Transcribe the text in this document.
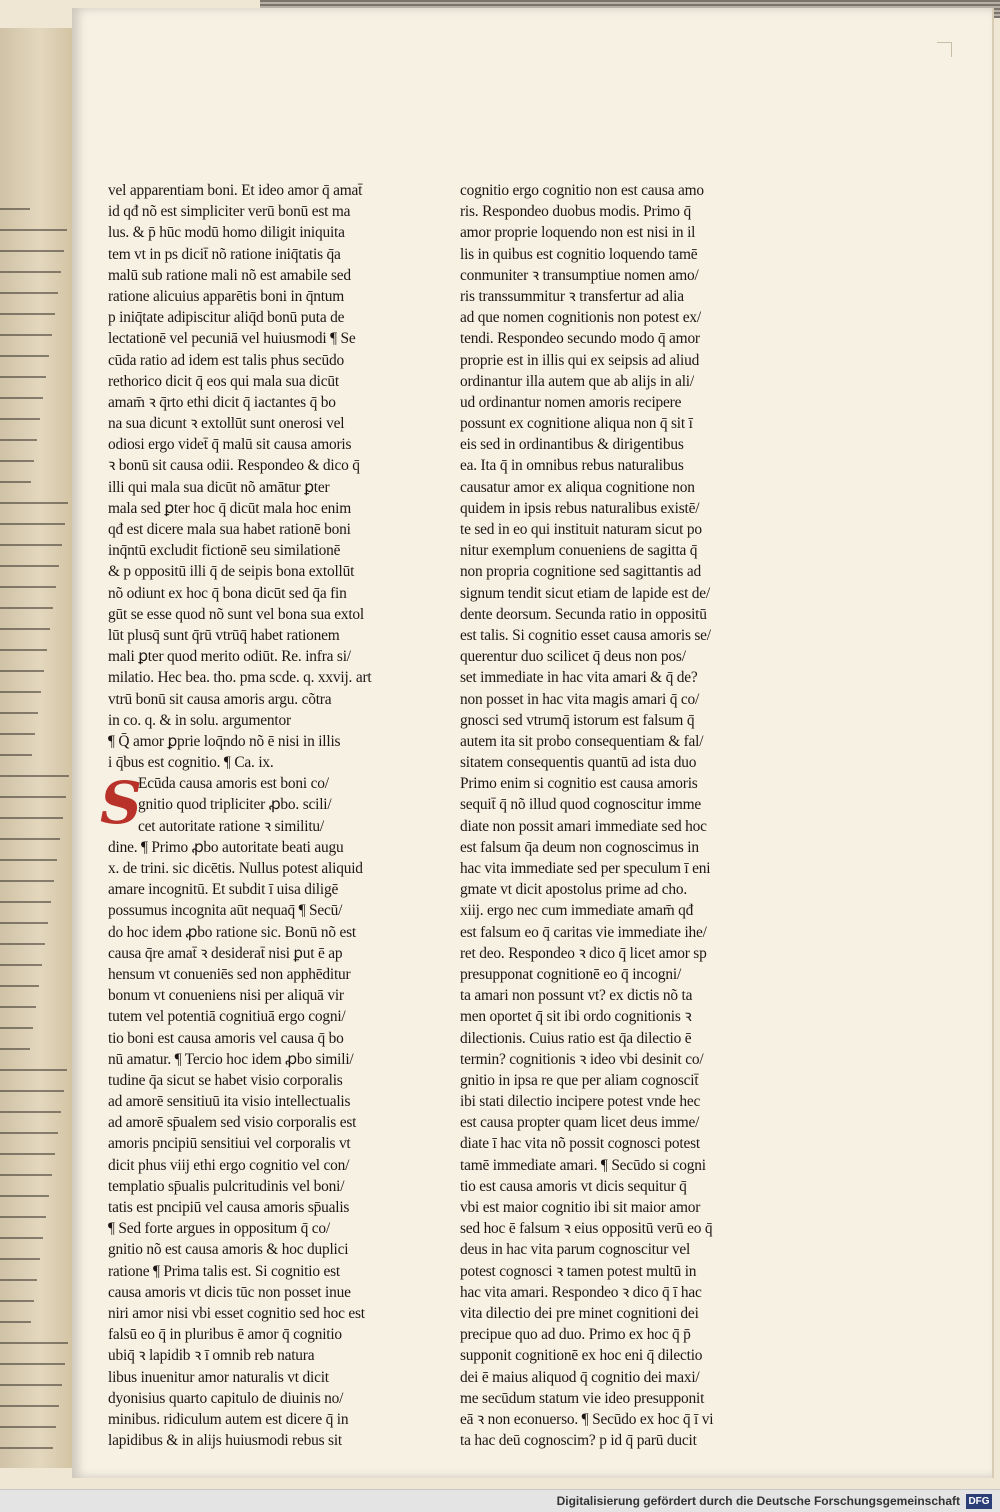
vel apparentiam boni. Et ideo amor q̄ amat̄
id qđ nõ est simpliciter verū bonū est ma
lus. & p̄ hūc modū homo diligit iniquita
tem vt in ps dicit̄ nõ ratione iniq̄tatis q̄a
malū sub ratione mali nõ est amabile sed
ratione alicuius apparētis boni in q̄ntum
p iniq̄tate adipiscitur aliq̄d bonū puta de
lectationē vel pecuniā vel huiusmodi ¶ Se
cūda ratio ad idem est talis phus secūdo
rethorico dicit q̄ eos qui mala sua dicūt
amam̄ ꝛ q̄rto ethi dicit q̄ iactantes q̄ bo
na sua dicunt ꝛ extollūt sunt onerosi vel
odiosi ergo videt̄ q̄ malū sit causa amoris
ꝛ bonū sit causa odii. Respondeo & dico q̄
illi qui mala sua dicūt nõ amātur ꝑter
mala sed ꝑter hoc q̄ dicūt mala hoc enim
qđ est dicere mala sua habet rationē boni
inq̄ntū excludit fictionē seu similationē
& p oppositū illi q̄ de seipis bona extollūt
nõ odiunt ex hoc q̄ bona dicūt sed q̄a fin
gūt se esse quod nõ sunt vel bona sua extol
lūt plusq̄ sunt q̄rū vtrūq̄ habet rationem
mali ꝑter quod merito odiūt. Re. infra si/
milatio. Hec bea. tho. pma scde. q. xxvij. art
vtrū bonū sit causa amoris argu. cõtra
in co. q. & in solu. argumentor
¶ Q̄ amor ꝑprie loq̄ndo nõ ē nisi in illis
i q̄bus est cognitio. ¶ Ca. ix.
S
Ecūda causa amoris est boni co/
gnitio quod tripliciter ꝓbo. scili/
cet autoritate ratione ꝛ similitu/
dine. ¶ Primo ꝓbo autoritate beati augu
x. de trini. sic dicētis. Nullus potest aliquid
amare incognitū. Et subdit ī uisa diligē
possumus incognita aūt nequaq̄ ¶ Secū/
do hoc idem ꝓbo ratione sic. Bonū nõ est
causa q̄re amat̄ ꝛ desiderat̄ nisi ꝑut ē ap
hensum vt conueniēs sed non apphēditur
bonum vt conueniens nisi per aliquā vir
tutem vel potentiā cognitiuā ergo cogni/
tio boni est causa amoris vel causa q̄ bo
nū amatur. ¶ Tercio hoc idem ꝓbo simili/
tudine q̄a sicut se habet visio corporalis
ad amorē sensitiuū ita visio intellectualis
ad amorē sp̄ualem sed visio corporalis est
amoris pncipiū sensitiui vel corporalis vt
dicit phus viij ethi ergo cognitio vel con/
templatio sp̄ualis pulcritudinis vel boni/
tatis est pncipiū vel causa amoris sp̄ualis
¶ Sed forte argues in oppositum q̄ co/
gnitio nõ est causa amoris & hoc duplici
ratione ¶ Prima talis est. Si cognitio est
causa amoris vt dicis tūc non posset inue
niri amor nisi vbi esset cognitio sed hoc est
falsū eo q̄ in pluribus ē amor q̄ cognitio
ubiq̄ ꝛ lapidib ꝛ ī omnib reb natura
libus inuenitur amor naturalis vt dicit
dyonisius quarto capitulo de diuinis no/
minibus. ridiculum autem est dicere q̄ in
lapidibus & in alijs huiusmodi rebus sit
cognitio ergo cognitio non est causa amo
ris. Respondeo duobus modis. Primo q̄
amor proprie loquendo non est nisi in il
lis in quibus est cognitio loquendo tamē
conmuniter ꝛ transumptiue nomen amo/
ris transsummitur ꝛ transfertur ad alia
ad que nomen cognitionis non potest ex/
tendi. Respondeo secundo modo q̄ amor
proprie est in illis qui ex seipsis ad aliud
ordinantur illa autem que ab alijs in ali/
ud ordinantur nomen amoris recipere
possunt ex cognitione aliqua non q̄ sit ī
eis sed in ordinantibus & dirigentibus
ea. Ita q̄ in omnibus rebus naturalibus
causatur amor ex aliqua cognitione non
quidem in ipsis rebus naturalibus existē/
te sed in eo qui instituit naturam sicut po
nitur exemplum conueniens de sagitta q̄
non propria cognitione sed sagittantis ad
signum tendit sicut etiam de lapide est de/
dente deorsum. Secunda ratio in oppositū
est talis. Si cognitio esset causa amoris se/
querentur duo scilicet q̄ deus non pos/
set immediate in hac vita amari & q̄ de?
non posset in hac vita magis amari q̄ co/
gnosci sed vtrumq̄ istorum est falsum q̄
autem ita sit probo consequentiam & fal/
sitatem consequentis quantū ad ista duo
Primo enim si cognitio est causa amoris
sequit̄ q̄ nõ illud quod cognoscitur imme
diate non possit amari immediate sed hoc
est falsum q̄a deum non cognoscimus in
hac vita immediate sed per speculum ī eni
gmate vt dicit apostolus prime ad cho.
xiij. ergo nec cum immediate amam̄ qđ
est falsum eo q̄ caritas vie immediate ihe/
ret deo. Respondeo ꝛ dico q̄ licet amor sp
presupponat cognitionē eo q̄ incogni/
ta amari non possunt vt? ex dictis nõ ta
men oportet q̄ sit ibi ordo cognitionis ꝛ
dilectionis. Cuius ratio est q̄a dilectio ē
termin? cognitionis ꝛ ideo vbi desinit co/
gnitio in ipsa re que per aliam cognoscit̄
ibi stati dilectio incipere potest vnde hec
est causa propter quam licet deus imme/
diate ī hac vita nõ possit cognosci potest
tamē immediate amari. ¶ Secūdo si cogni
tio est causa amoris vt dicis sequitur q̄
vbi est maior cognitio ibi sit maior amor
sed hoc ē falsum ꝛ eius oppositū verū eo q̄
deus in hac vita parum cognoscitur vel
potest cognosci ꝛ tamen potest multū in
hac vita amari. Respondeo ꝛ dico q̄ ī hac
vita dilectio dei pre minet cognitioni dei
precipue quo ad duo. Primo ex hoc q̄ p̄
supponit cognitionē ex hoc eni q̄ dilectio
dei ē maius aliquod q̄ cognitio dei maxi/
me secūdum statum vie ideo presupponit
eā ꝛ non econuerso. ¶ Secūdo ex hoc q̄ ī vi
ta hac deū cognoscim? p id q̄ parū ducit
Digitalisierung gefördert durch die Deutsche Forschungsgemeinschaft DFG
